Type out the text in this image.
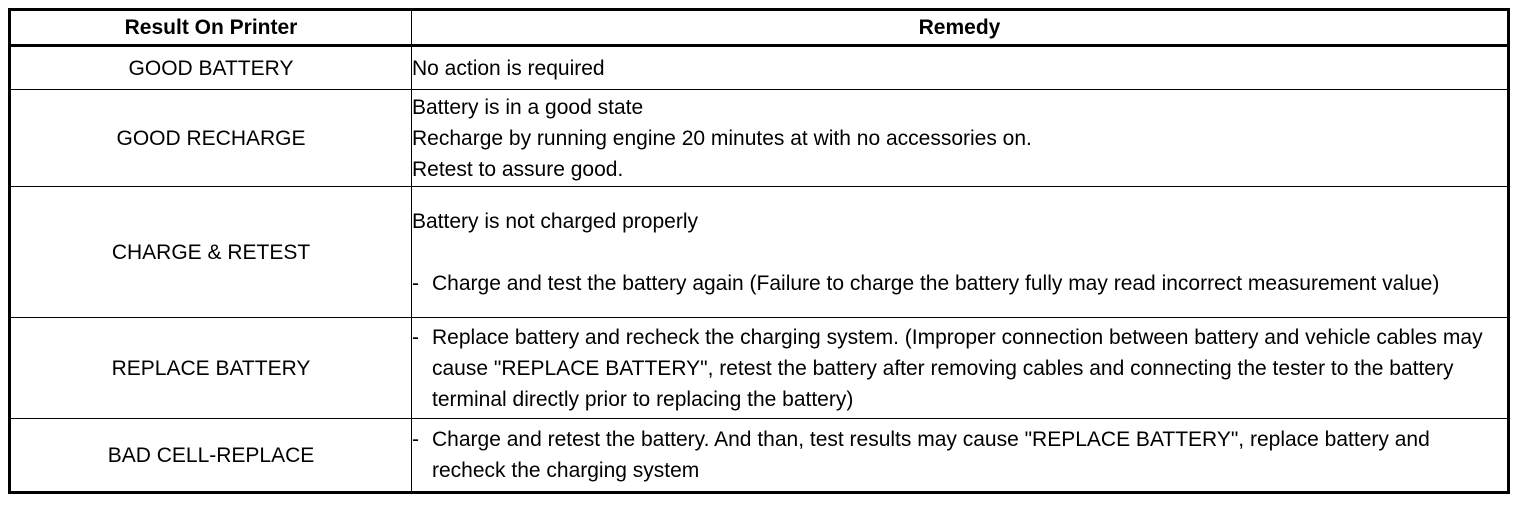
Result On Printer	Remedy
GOOD BATTERY	No action is required

GOOD RECHARGE	Battery is in a good state
Recharge by running engine 20 minutes at with no accessories on.
Retest to assure good.

CHARGE & RETEST	Battery is not charged properly
- Charge and test the battery again (Failure to charge the battery fully may read incorrect measurement value)

REPLACE BATTERY	- Replace battery and recheck the charging system. (Improper connection between battery and vehicle cables may cause "REPLACE BATTERY", retest the battery after removing cables and connecting the tester to the battery terminal directly prior to replacing the battery)

BAD CELL-REPLACE	- Charge and retest the battery. And than, test results may cause "REPLACE BATTERY", replace battery and recheck the charging system
